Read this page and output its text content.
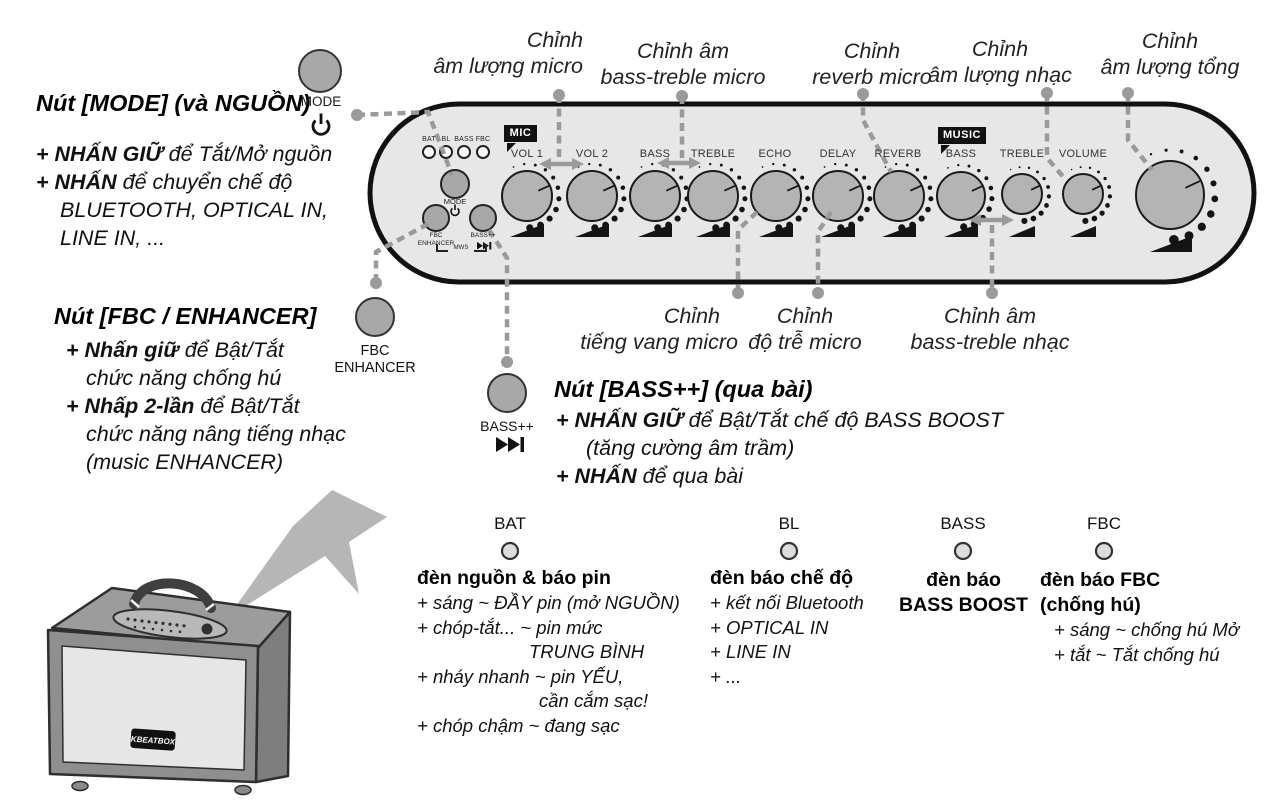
KBEATBOX
Chỉnh
âm lượng micro
Chỉnh âm
bass-treble micro
Chỉnh
reverb micro
Chỉnh
âm lượng nhạc
Chỉnh
âm lượng tổng
Chỉnh
tiếng vang micro
Chỉnh
độ trễ micro
Chỉnh âm
bass-treble nhạc
Nút [MODE] (và NGUỒN)
MODE
+ NHẤN GIỮ để Tắt/Mở nguồn
+ NHẤN để chuyển chế độ
BLUETOOTH, OPTICAL IN,
LINE IN, ...
Nút [FBC / ENHANCER]
FBC
ENHANCER
+ Nhấn giữ để Bật/Tắt
chức năng chống hú
+ Nhấp 2-lần để Bật/Tắt
chức năng nâng tiếng nhạc
(music ENHANCER)
Nút [BASS++] (qua bài)
BASS++	+ NHẤN GIỮ để Bật/Tắt chế độ BASS BOOST
(tăng cường âm trầm)
+ NHẤN để qua bài
BAT BL BASS FBC
MIC	MUSIC
VOL 1	VOL 2	BASS	TREBLE	ECHO	DELAY	REVERB	BASS	TREBLE	VOLUME
MODE
FBC
ENHANCER
BASS++
MWS
BAT	BL	BASS	FBC
đèn nguồn & báo pin
+ sáng ~ ĐẦY pin (mở NGUỒN)
+ chóp-tắt... ~ pin mức
TRUNG BÌNH
+ nháy nhanh ~ pin YẾU,
cần cắm sạc!
+ chóp chậm ~ đang sạc
đèn báo chế độ
+ kết nối Bluetooth
+ OPTICAL IN
+ LINE IN
+ ...
đèn báo
BASS BOOST
đèn báo FBC
(chống hú)
+ sáng ~ chống hú Mở
+ tắt ~ Tắt chống hú
